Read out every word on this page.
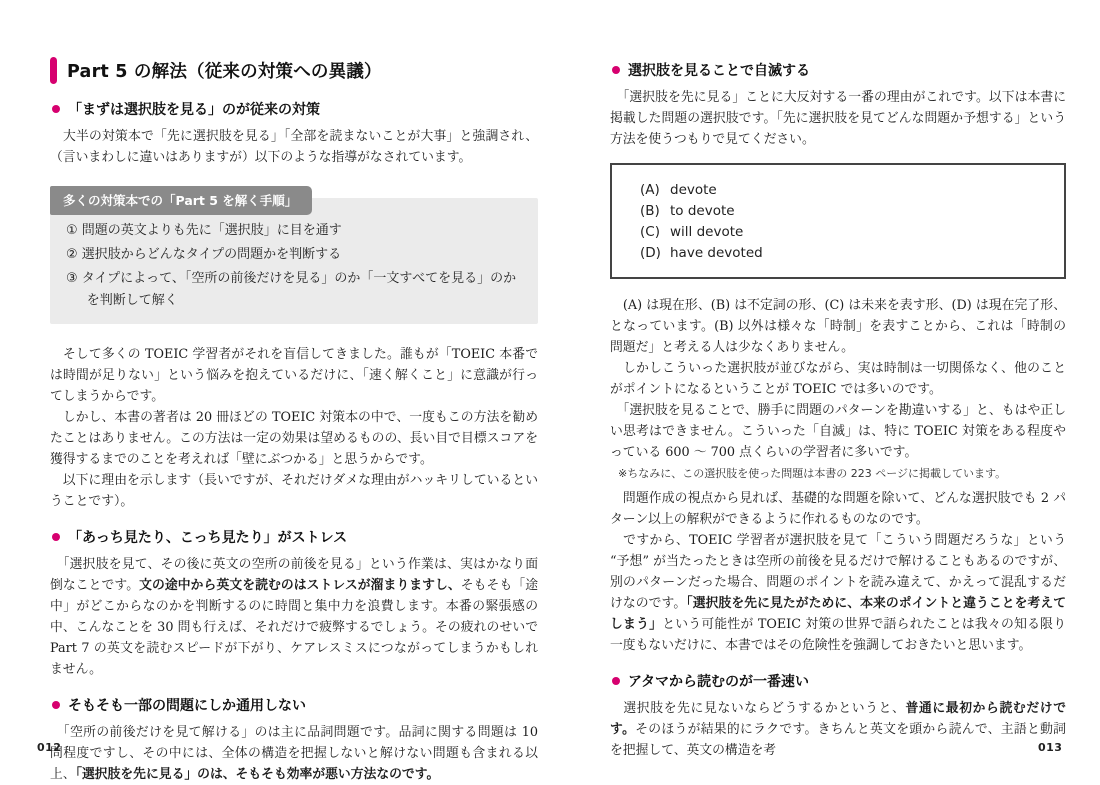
Part 5 の解法（従来の対策への異議）
「まずは選択肢を見る」のが従来の対策

　大半の対策本で「先に選択肢を見る」「全部を読まないことが大事」と強調され、（言いまわしに違いはありますが）以下のような指導がなされています。

多くの対策本での「Part 5 を解く手順」
① 問題の英文よりも先に「選択肢」に目を通す
② 選択肢からどんなタイプの問題かを判断する
③ タイプによって、「空所の前後だけを見る」のか「一文すべてを見る」のかを判断して解く

　そして多くの TOEIC 学習者がそれを盲信してきました。誰もが「TOEIC 本番では時間が足りない」という悩みを抱えているだけに、「速く解くこと」に意識が行ってしまうからです。

　しかし、本書の著者は 20 冊ほどの TOEIC 対策本の中で、一度もこの方法を勧めたことはありません。この方法は一定の効果は望めるものの、長い目で目標スコアを獲得するまでのことを考えれば「壁にぶつかる」と思うからです。

　以下に理由を示します（長いですが、それだけダメな理由がハッキリしているということです）。

「あっち見たり、こっち見たり」がストレス

　「選択肢を見て、その後に英文の空所の前後を見る」という作業は、実はかなり面倒なことです。文の途中から英文を読むのはストレスが溜まりますし、そもそも「途中」がどこからなのかを判断するのに時間と集中力を浪費します。本番の緊張感の中、こんなことを 30 問も行えば、それだけで疲弊するでしょう。その疲れのせいで Part 7 の英文を読むスピードが下がり、ケアレスミスにつながってしまうかもしれません。

そもそも一部の問題にしか通用しない

　「空所の前後だけを見て解ける」のは主に品詞問題です。品詞に関する問題は 10 問程度ですし、その中には、全体の構造を把握しないと解けない問題も含まれる以上、「選択肢を先に見る」のは、そもそも効率が悪い方法なのです。

選択肢を見ることで自滅する

　「選択肢を先に見る」ことに大反対する一番の理由がこれです。以下は本書に掲載した問題の選択肢です。「先に選択肢を見てどんな問題か予想する」という方法を使うつもりで見てください。

(A) devote
(B) to devote
(C) will devote
(D) have devoted

　(A) は現在形、(B) は不定詞の形、(C) は未来を表す形、(D) は現在完了形、となっています。(B) 以外は様々な「時制」を表すことから、これは「時制の問題だ」と考える人は少なくありません。

　しかしこういった選択肢が並びながら、実は時制は一切関係なく、他のことがポイントになるということが TOEIC では多いのです。

　「選択肢を見ることで、勝手に問題のパターンを勘違いする」と、もはや正しい思考はできません。こういった「自滅」は、特に TOEIC 対策をある程度やっている 600 ～ 700 点くらいの学習者に多いです。

※ちなみに、この選択肢を使った問題は本書の 223 ページに掲載しています。

　問題作成の視点から見れば、基礎的な問題を除いて、どんな選択肢でも 2 パターン以上の解釈ができるように作れるものなのです。

　ですから、TOEIC 学習者が選択肢を見て「こういう問題だろうな」という “予想” が当たったときは空所の前後を見るだけで解けることもあるのですが、別のパターンだった場合、問題のポイントを読み違えて、かえって混乱するだけなのです。「選択肢を先に見たがために、本来のポイントと違うことを考えてしまう」という可能性が TOEIC 対策の世界で語られたことは我々の知る限り一度もないだけに、本書ではその危険性を強調しておきたいと思います。

アタマから読むのが一番速い

　選択肢を先に見ないならどうするかというと、普通に最初から読むだけです。そのほうが結果的にラクです。きちんと英文を頭から読んで、主語と動詞を把握して、英文の構造を考

012	013
